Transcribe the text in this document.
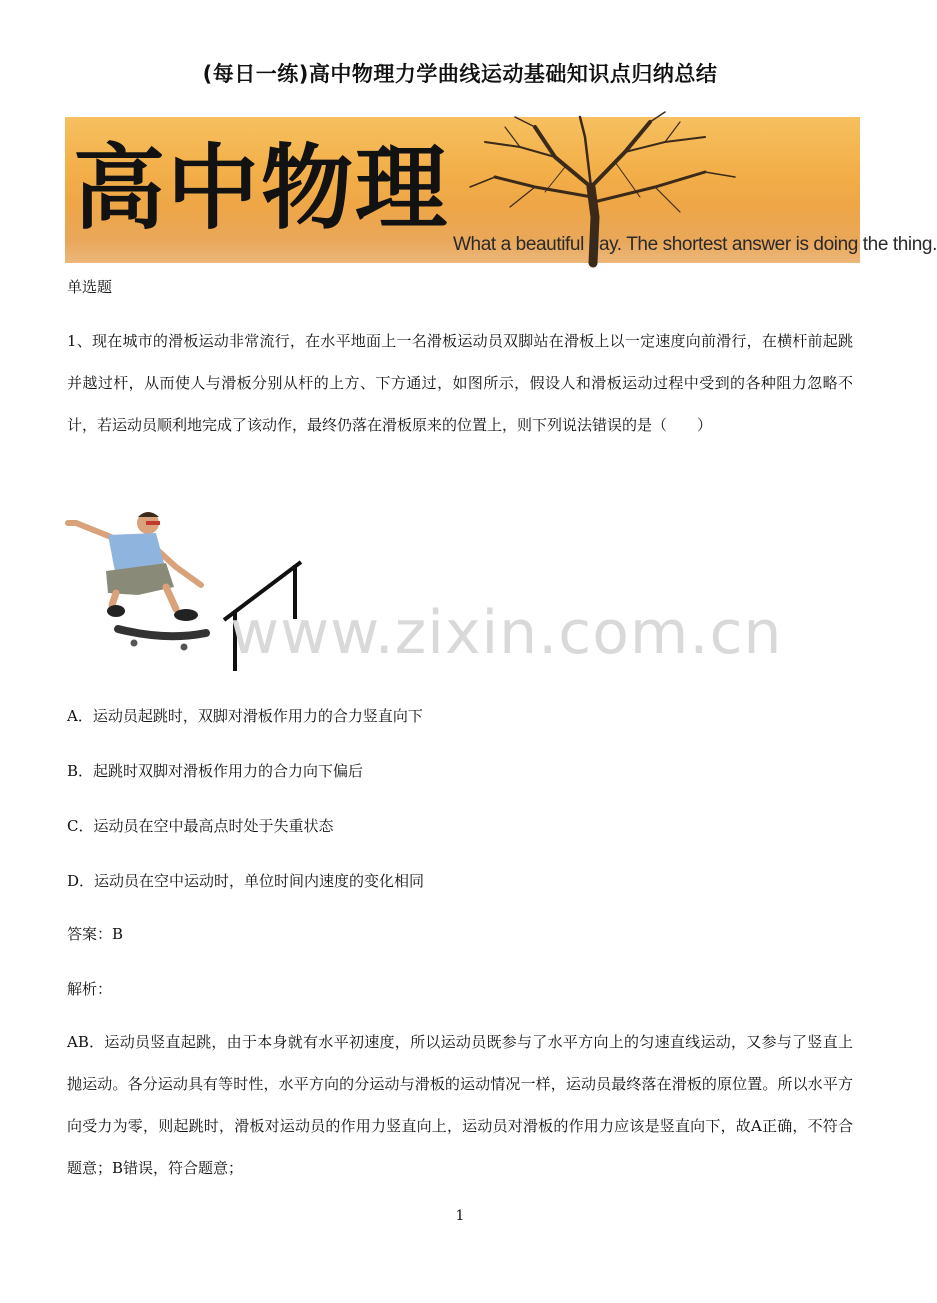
(每日一练)高中物理力学曲线运动基础知识点归纳总结
高中物理
What a beautiful day. The shortest answer is doing the thing.
单选题
1、现在城市的滑板运动非常流行，在水平地面上一名滑板运动员双脚站在滑板上以一定速度向前滑行，在横杆前起跳并越过杆，从而使人与滑板分别从杆的上方、下方通过，如图所示，假设人和滑板运动过程中受到的各种阻力忽略不计，若运动员顺利地完成了该动作，最终仍落在滑板原来的位置上，则下列说法错误的是（　　）
www.zixin.com.cn
A．运动员起跳时，双脚对滑板作用力的合力竖直向下
B．起跳时双脚对滑板作用力的合力向下偏后
C．运动员在空中最高点时处于失重状态
D．运动员在空中运动时，单位时间内速度的变化相同
答案：B
解析：
AB．运动员竖直起跳，由于本身就有水平初速度，所以运动员既参与了水平方向上的匀速直线运动，又参与了竖直上抛运动。各分运动具有等时性，水平方向的分运动与滑板的运动情况一样，运动员最终落在滑板的原位置。所以水平方向受力为零，则起跳时，滑板对运动员的作用力竖直向上，运动员对滑板的作用力应该是竖直向下，故A正确，不符合题意；B错误，符合题意；
1
